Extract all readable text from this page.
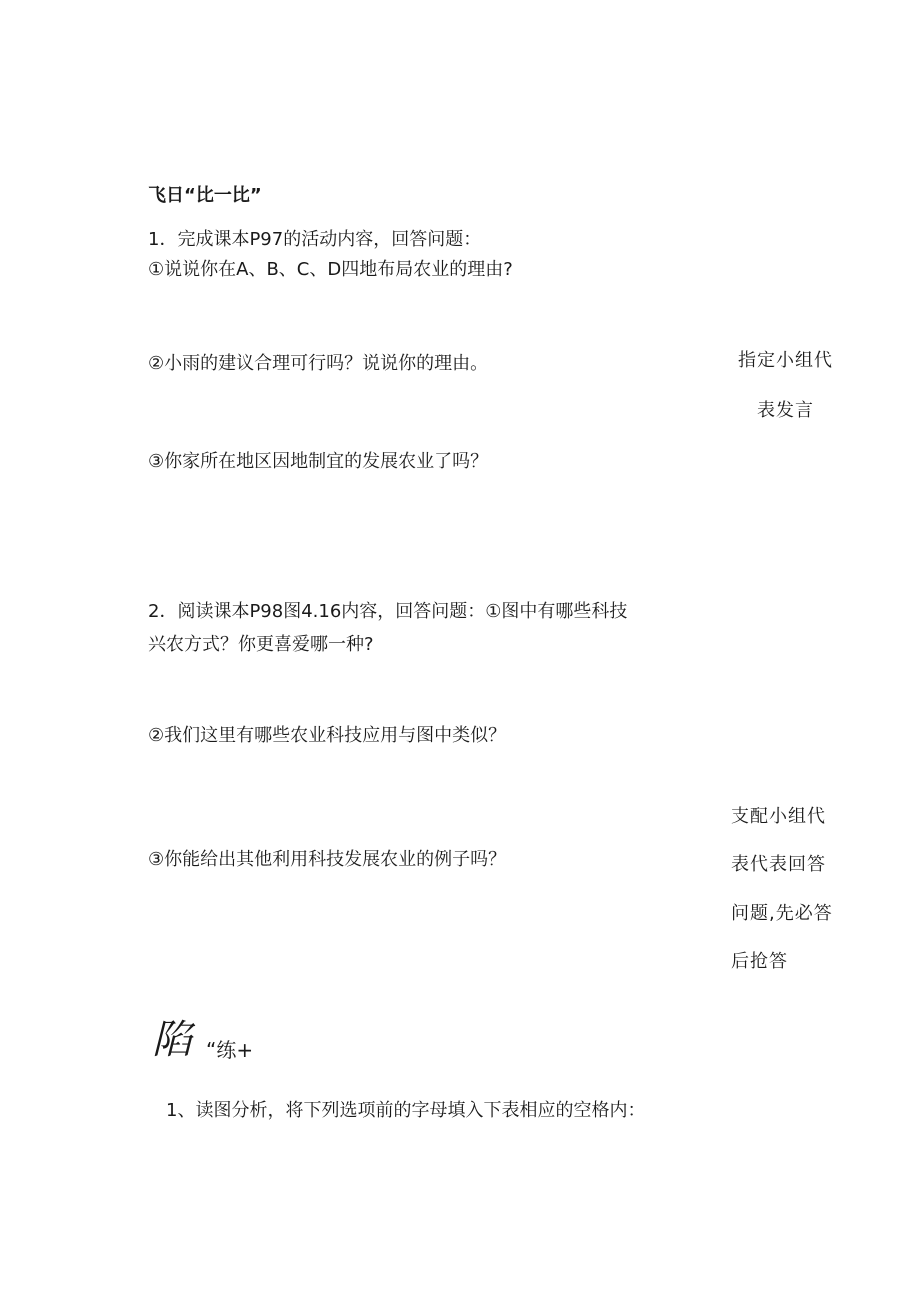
飞日“比一比”
1．完成课本P97的活动内容，回答问题：
①说说你在A、B、C、D四地布局农业的理由?
②小雨的建议合理可行吗？说说你的理由。
③你家所在地区因地制宜的发展农业了吗？
指定小组代
表发言
2．阅读课本P98图4.16内容，回答问题：①图中有哪些科技
兴农方式？你更喜爱哪一种?
②我们这里有哪些农业科技应用与图中类似？
③你能给出其他利用科技发展农业的例子吗？
支配小组代
表代表回答
问题,先必答
后抢答
陷 “练+
1、读图分析，将下列选项前的字母填入下表相应的空格内：
